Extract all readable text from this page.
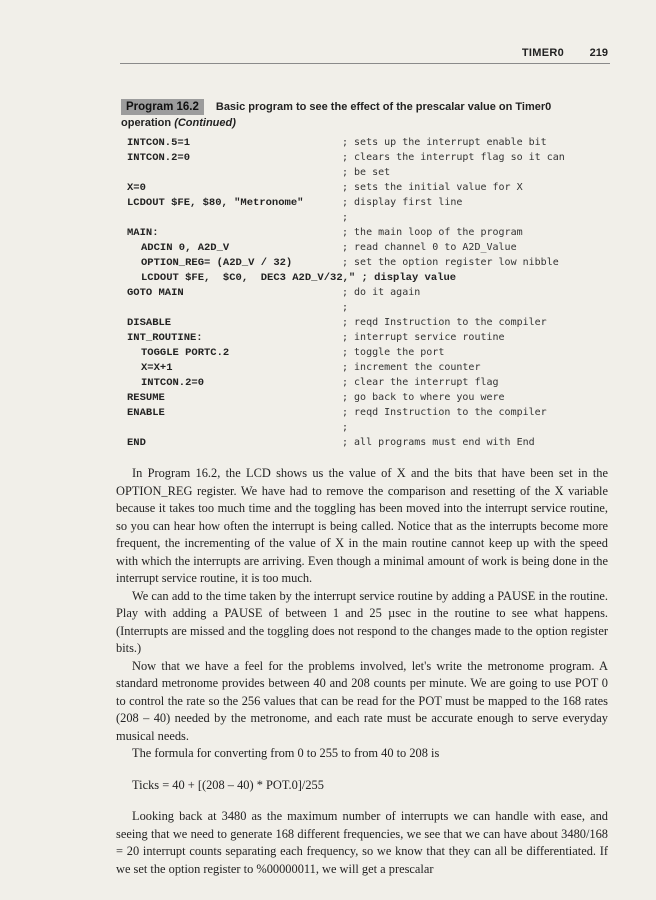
TIMER0 219
Program 16.2 Basic program to see the effect of the prescalar value on Timer0
operation (Continued)
INTCON.5=1	; sets up the interrupt enable bit
INTCON.2=0	; clears the interrupt flag so it can
; be set
X=0	; sets the initial value for X
LCDOUT $FE, $80, "Metronome"	; display first line
;
MAIN:	; the main loop of the program
ADCIN 0, A2D_V	; read channel 0 to A2D_Value
OPTION_REG= (A2D_V / 32)	; set the option register low nibble
LCDOUT $FE,  $C0,  DEC3 A2D_V/32," ; display value
GOTO MAIN	; do it again
;
DISABLE	; reqd Instruction to the compiler
INT_ROUTINE:	; interrupt service routine
TOGGLE PORTC.2	; toggle the port
X=X+1	; increment the counter
INTCON.2=0	; clear the interrupt flag
RESUME	; go back to where you were
ENABLE	; reqd Instruction to the compiler
;
END	; all programs must end with End

In Program 16.2, the LCD shows us the value of X and the bits that have been set in the OPTION_REG register. We have had to remove the comparison and resetting of the X variable because it takes too much time and the toggling has been moved into the interrupt service routine, so you can hear how often the interrupt is being called. Notice that as the interrupts become more frequent, the incrementing of the value of X in the main routine cannot keep up with the speed with which the interrupts are arriving. Even though a minimal amount of work is being done in the interrupt service routine, it is too much.

We can add to the time taken by the interrupt service routine by adding a PAUSE in the routine. Play with adding a PAUSE of between 1 and 25 µsec in the routine to see what happens. (Interrupts are missed and the toggling does not respond to the changes made to the option register bits.)

Now that we have a feel for the problems involved, let's write the metronome program. A standard metronome provides between 40 and 208 counts per minute. We are going to use POT 0 to control the rate so the 256 values that can be read for the POT must be mapped to the 168 rates (208 – 40) needed by the metronome, and each rate must be accurate enough to serve everyday musical needs.

The formula for converting from 0 to 255 to from 40 to 208 is

Ticks = 40 + [(208 – 40) * POT.0]/255

Looking back at 3480 as the maximum number of interrupts we can handle with ease, and seeing that we need to generate 168 different frequencies, we see that we can have about 3480/168 = 20 interrupt counts separating each frequency, so we know that they can all be differentiated. If we set the option register to %00000011, we will get a prescalar
